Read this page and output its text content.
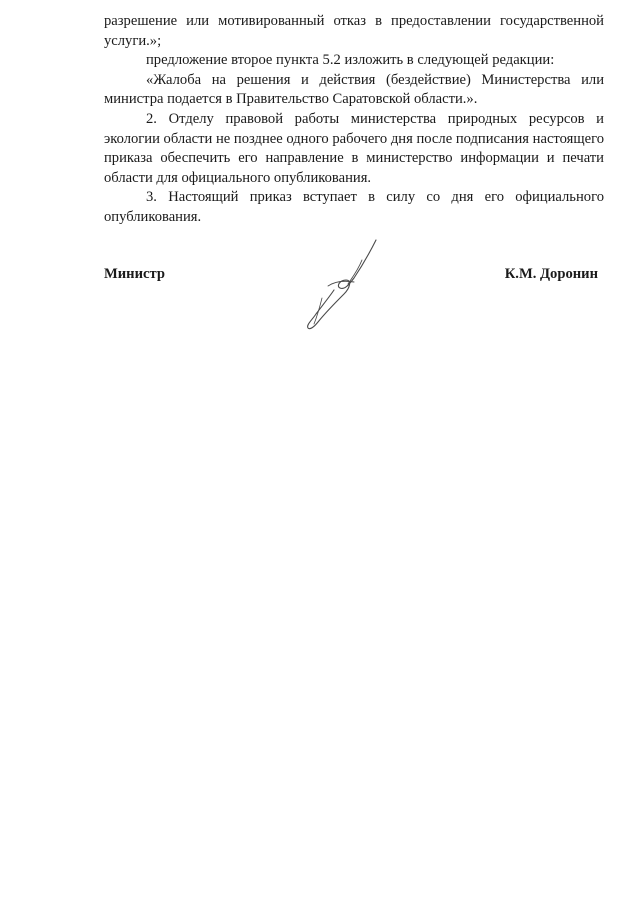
разрешение или мотивированный отказ в предоставлении государственной услуги.»;

предложение второе пункта 5.2 изложить в следующей редакции:

«Жалоба на решения и действия (бездействие) Министерства или министра подается в Правительство Саратовской области.».

2. Отделу правовой работы министерства природных ресурсов и экологии области не позднее одного рабочего дня после подписания настоящего приказа обеспечить его направление в министерство информации и печати области для официального опубликования.

3. Настоящий приказ вступает в силу со дня его официального опубликования.

Министр	К.М. Доронин
